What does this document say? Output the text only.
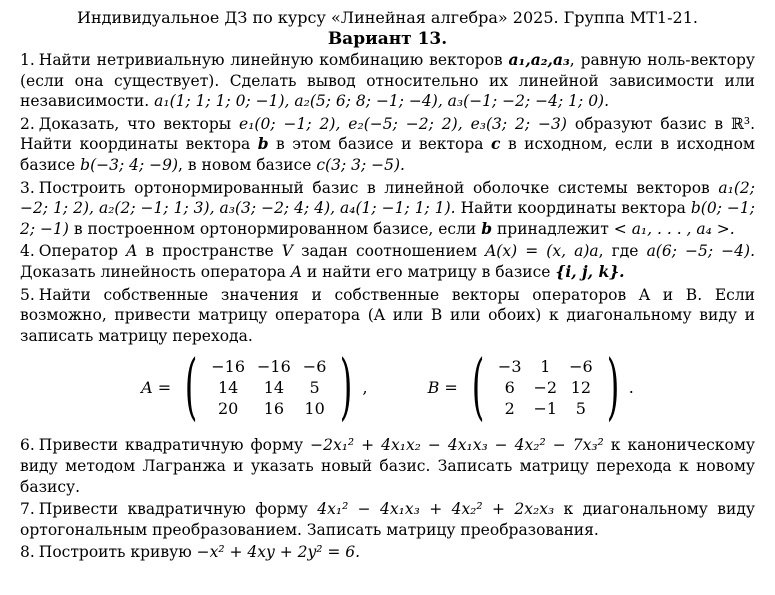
Индивидуальное ДЗ по курсу «Линейная алгебра» 2025. Группа МТ1-21.
Вариант 13.

1. Найти нетривиальную линейную комбинацию векторов a₁,a₂,a₃, равную ноль-вектору (если она существует). Сделать вывод относительно их линейной зависимости или независимости. a₁(1; 1; 1; 0; −1), a₂(5; 6; 8; −1; −4), a₃(−1; −2; −4; 1; 0).

2. Доказать, что векторы e₁(0; −1; 2), e₂(−5; −2; 2), e₃(3; 2; −3) образуют базис в ℝ³. Найти координаты вектора b в этом базисе и вектора c в исходном, если в исходном базисе b(−3; 4; −9), в новом базисе c(3; 3; −5).

3. Построить ортонормированный базис в линейной оболочке системы векторов a₁(2; −2; 1; 2), a₂(2; −1; 1; 3), a₃(3; −2; 4; 4), a₄(1; −1; 1; 1). Найти координаты вектора b(0; −1; 2; −1) в построенном ортонормированном базисе, если b принадлежит < a₁, . . . , a₄ >.

4. Оператор A в пространстве V задан соотношением A(x) = (x, a)a, где a(6; −5; −4). Доказать линейность оператора A и найти его матрицу в базисе {i, j, k}.

5. Найти собственные значения и собственные векторы операторов A и B. Если возможно, привести матрицу оператора (A или B или обоих) к диагональному виду и записать матрицу перехода.

A = ( −16	−16	−6
14	14	5
20	16	10 ) ,	B = ( −3	1	−6
6	−2	12
2	−1	5 ) .

6. Привести квадратичную форму −2x₁² + 4x₁x₂ − 4x₁x₃ − 4x₂² − 7x₃² к каноническому виду методом Лагранжа и указать новый базис. Записать матрицу перехода к новому базису.

7. Привести квадратичную форму 4x₁² − 4x₁x₃ + 4x₂² + 2x₂x₃ к диагональному виду ортогональным преобразованием. Записать матрицу преобразования.

8. Построить кривую −x² + 4xy + 2y² = 6.
